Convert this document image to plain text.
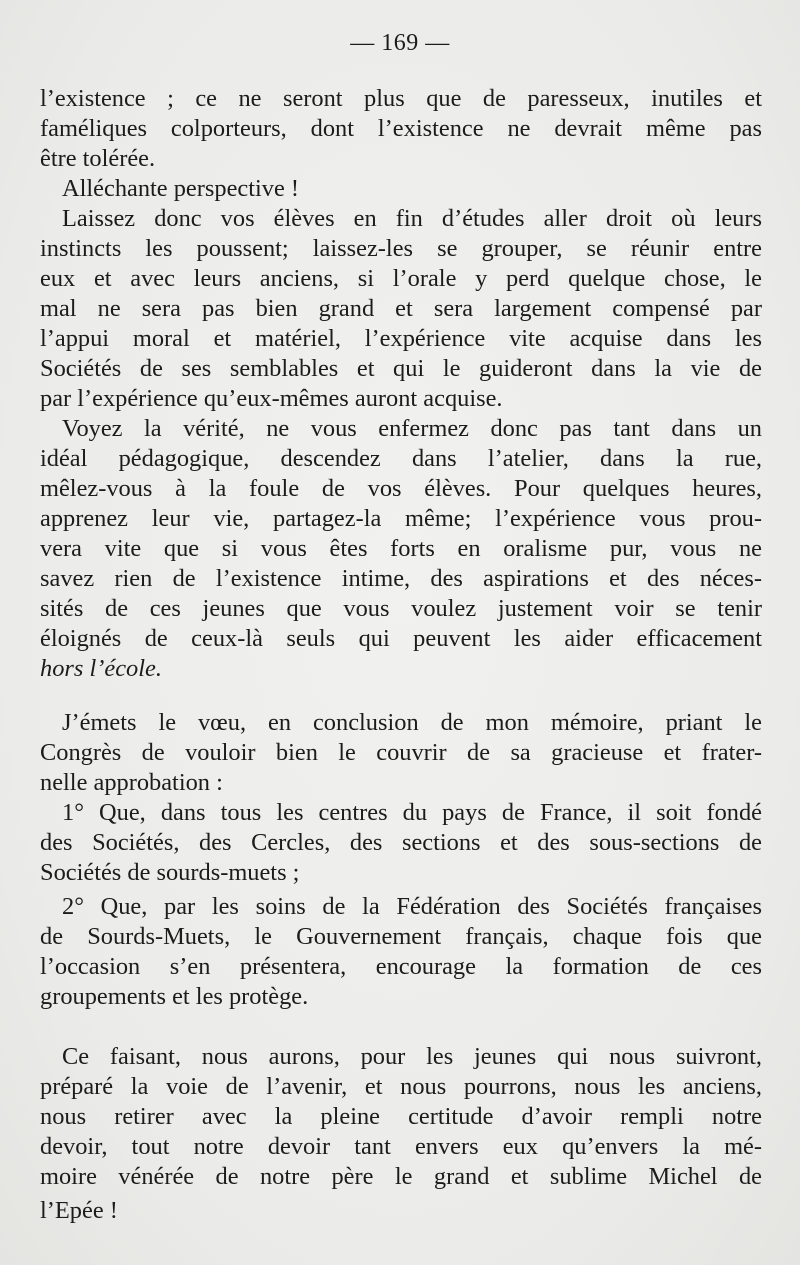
— 169 —
l’existence ; ce ne seront plus que de paresseux, inutiles et
faméliques colporteurs, dont l’existence ne devrait même pas
être tolérée.
Alléchante perspective !
Laissez donc vos élèves en fin d’études aller droit où leurs
instincts les poussent; laissez-les se grouper, se réunir entre
eux et avec leurs anciens, si l’orale y perd quelque chose, le
mal ne sera pas bien grand et sera largement compensé par
l’appui moral et matériel, l’expérience vite acquise dans les
Sociétés de ses semblables et qui le guideront dans la vie de
par l’expérience qu’eux-mêmes auront acquise.
Voyez la vérité, ne vous enfermez donc pas tant dans un
idéal pédagogique, descendez dans l’atelier, dans la rue,
mêlez-vous à la foule de vos élèves. Pour quelques heures,
apprenez leur vie, partagez-la même; l’expérience vous prou-
vera vite que si vous êtes forts en oralisme pur, vous ne
savez rien de l’existence intime, des aspirations et des néces-
sités de ces jeunes que vous voulez justement voir se tenir
éloignés de ceux-là seuls qui peuvent les aider efficacement
hors l’école.
J’émets le vœu, en conclusion de mon mémoire, priant le
Congrès de vouloir bien le couvrir de sa gracieuse et frater-
nelle approbation :
1° Que, dans tous les centres du pays de France, il soit fondé
des Sociétés, des Cercles, des sections et des sous-sections de
Sociétés de sourds-muets ;
2° Que, par les soins de la Fédération des Sociétés françaises
de Sourds-Muets, le Gouvernement français, chaque fois que
l’occasion s’en présentera, encourage la formation de ces
groupements et les protège.
Ce faisant, nous aurons, pour les jeunes qui nous suivront,
préparé la voie de l’avenir, et nous pourrons, nous les anciens,
nous retirer avec la pleine certitude d’avoir rempli notre
devoir, tout notre devoir tant envers eux qu’envers la mé-
moire vénérée de notre père le grand et sublime Michel de
l’Epée !
